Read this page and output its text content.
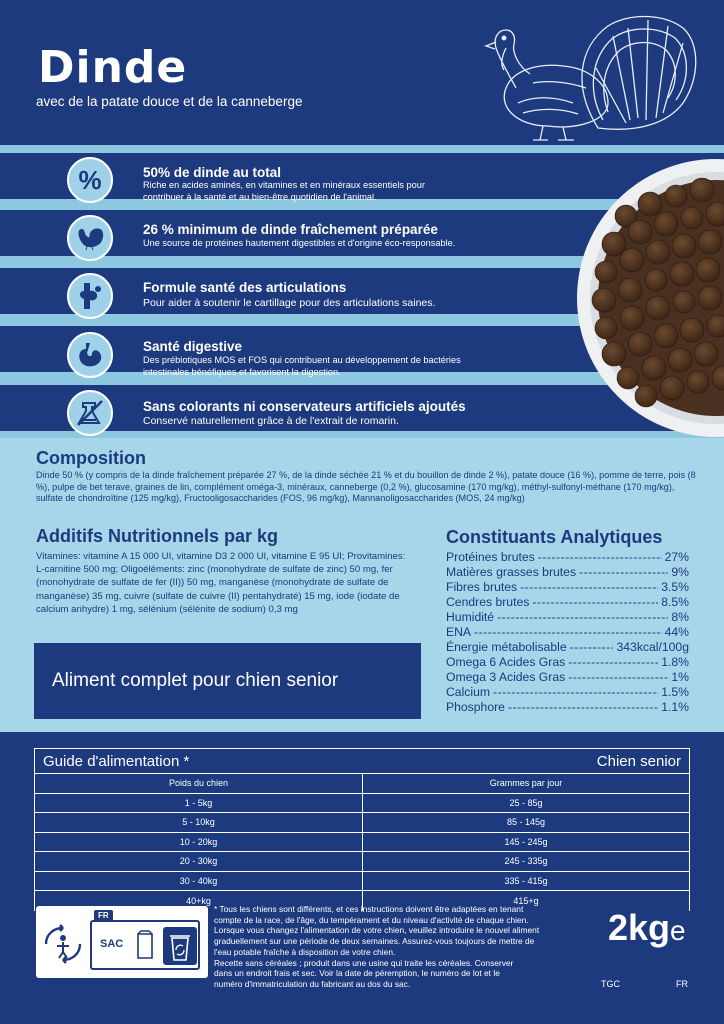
Dinde
avec de la patate douce et de la canneberge
%	50% de dinde au total
Riche en acides aminés, en vitamines et en minéraux essentiels pour
contribuer à la santé et au bien-être quotidien de l'animal.
26 % minimum de dinde fraîchement préparée
Une source de protéines hautement digestibles et d'origine éco-responsable.
Formule santé des articulations
Pour aider à soutenir le cartillage pour des articulations saines.
Santé digestive
Des prébiotiques MOS et FOS qui contribuent au développement de bactéries
intestinales bénéfiques et favorisent la digestion.
Sans colorants ni conservateurs artificiels ajoutés
Conservé naturellement grâce à de l'extrait de romarin.
Composition
Dinde 50 % (y compris de la dinde fraîchement préparée 27 %, de la dinde séchée 21 % et du bouillon de dinde 2 %), patate douce (16 %), pomme de terre, pois (8 %), pulpe de bet terave, graines de lin, complément oméga-3, minéraux, canneberge (0,2 %), glucosamine (170 mg/kg), méthyl-sulfonyl-méthane (170 mg/kg), sulfate de chondroïtine (125 mg/kg), Fructooligosaccharides (FOS, 96 mg/kg), Mannanoligosaccharides (MOS, 24 mg/kg)
Additifs Nutritionnels par kg
Vitamines: vitamine A 15 000 UI, vitamine D3 2 000 UI, vitamine E 95 UI; Provitamines: L-carnitine 500 mg; Oligoéléments: zinc (monohydrate de sulfate de zinc) 50 mg, fer (monohydrate de sulfate de fer (II)) 50 mg, manganèse (monohydrate de sulfate de manganèse) 35 mg, cuivre (sulfate de cuivre (II) pentahydraté) 15 mg, iode (iodate de calcium anhydre) 1 mg, sélénium (sélénite de sodium) 0,3 mg
Aliment complet pour chien senior
Constituants Analytiques
Protéines brutes -----	27%
Matières grasses brutes -----	9%
Fibres brutes -----	3.5%
Cendres brutes -----	8.5%
Humidité -----	8%
ENA -----	44%
Énergie métabolisable -----	343kcal/100g
Omega 6 Acides Gras -----	1.8%
Omega 3 Acides Gras -----	1%
Calcium -----	1.5%
Phosphore -----	1.1%
Guide d'alimentation *	Chien senior
Poids du chien	Grammes par jour
1 - 5kg	25 - 85g
5 - 10kg	85 - 145g
10 - 20kg	145 - 245g
20 - 30kg	245 - 335g
30 - 40kg	335 - 415g
40+kg	415+g
FR
SAC
* Tous les chiens sont différents, et ces instructions doivent être adaptées en tenant
compte de la race, de l'âge, du tempérament et du niveau d'activité de chaque chien.
Lorsque vous changez l'alimentation de votre chien, veuillez introduire le nouvel aliment
graduellement sur une période de deux semaines. Assurez-vous toujours de mettre de
l'eau potable fraîche à disposition de votre chien.
Recette sans céréales ; produit dans une usine qui traite les céréales. Conserver
dans un endroit frais et sec. Voir la date de péremption, le numéro de lot et le
numéro d'immatriculation du fabricant au dos du sac.
2kge
TGC	FR
